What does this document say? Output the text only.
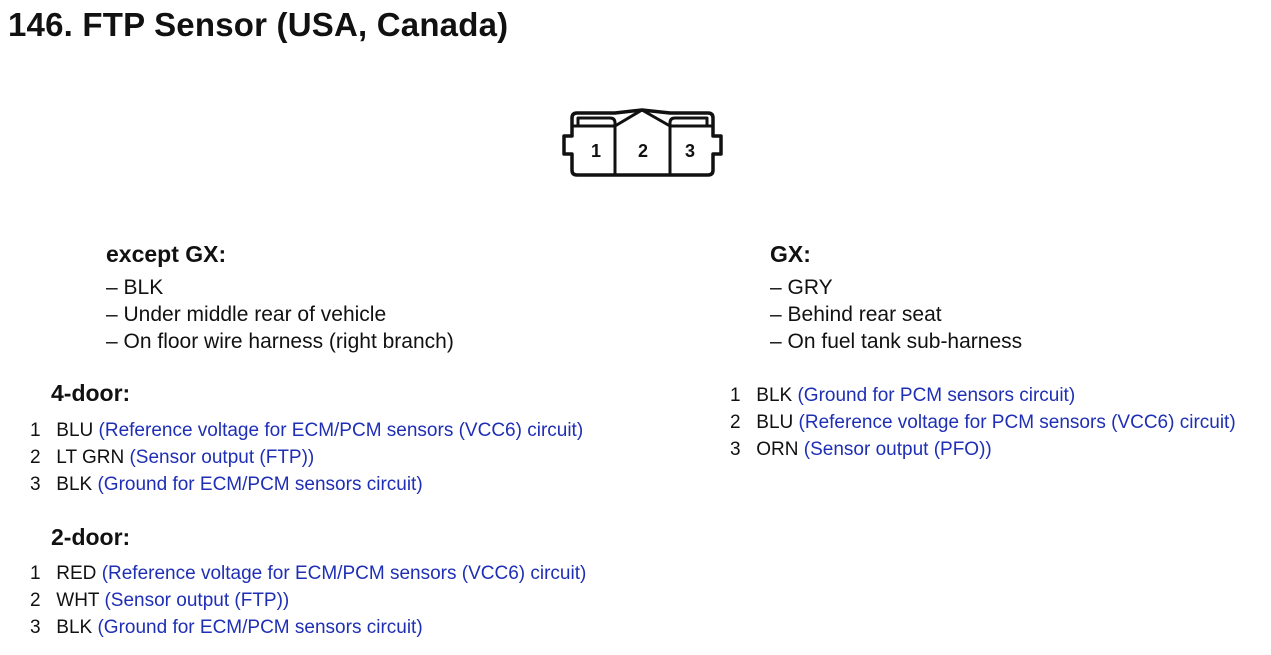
146. FTP Sensor (USA, Canada)
1 2 3
except GX:
– BLK
– Under middle rear of vehicle
– On floor wire harness (right branch)
GX:
– GRY
– Behind rear seat
– On fuel tank sub-harness
4-door:
1 BLU (Reference voltage for ECM/PCM sensors (VCC6) circuit)
2 LT GRN (Sensor output (FTP))
3 BLK (Ground for ECM/PCM sensors circuit)
2-door:
1 RED (Reference voltage for ECM/PCM sensors (VCC6) circuit)
2 WHT (Sensor output (FTP))
3 BLK (Ground for ECM/PCM sensors circuit)
1 BLK (Ground for PCM sensors circuit)
2 BLU (Reference voltage for PCM sensors (VCC6) circuit)
3 ORN (Sensor output (PFO))
